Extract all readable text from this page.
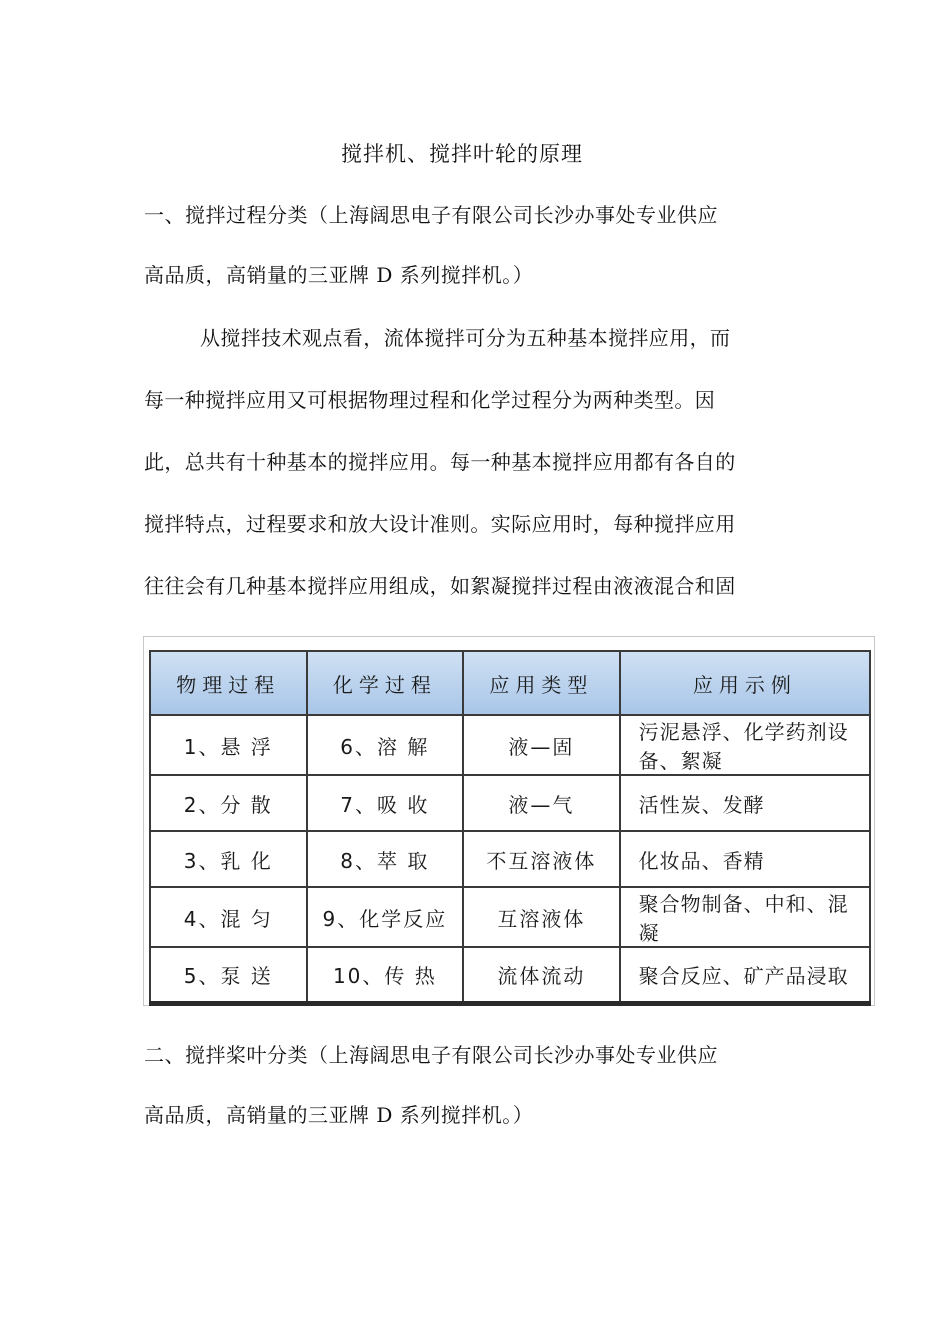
搅拌机、搅拌叶轮的原理
一、搅拌过程分类（上海阔思电子有限公司长沙办事处专业供应
高品质，高销量的三亚牌 D 系列搅拌机。）
从搅拌技术观点看，流体搅拌可分为五种基本搅拌应用，而
每一种搅拌应用又可根据物理过程和化学过程分为两种类型。因
此，总共有十种基本的搅拌应用。每一种基本搅拌应用都有各自的
搅拌特点，过程要求和放大设计准则。实际应用时，每种搅拌应用
往往会有几种基本搅拌应用组成，如絮凝搅拌过程由液液混合和固
物理过程	化学过程	应用类型	应用示例
1、悬 浮	6、溶 解	液—固	污泥悬浮、化学药剂设备、絮凝
2、分 散	7、吸 收	液—气	活性炭、发酵
3、乳 化	8、萃 取	不互溶液体	化妆品、香精
4、混 匀	9、化学反应	互溶液体	聚合物制备、中和、混凝
5、泵 送	10、传 热	流体流动	聚合反应、矿产品浸取
二、搅拌桨叶分类（上海阔思电子有限公司长沙办事处专业供应
高品质，高销量的三亚牌 D 系列搅拌机。）
